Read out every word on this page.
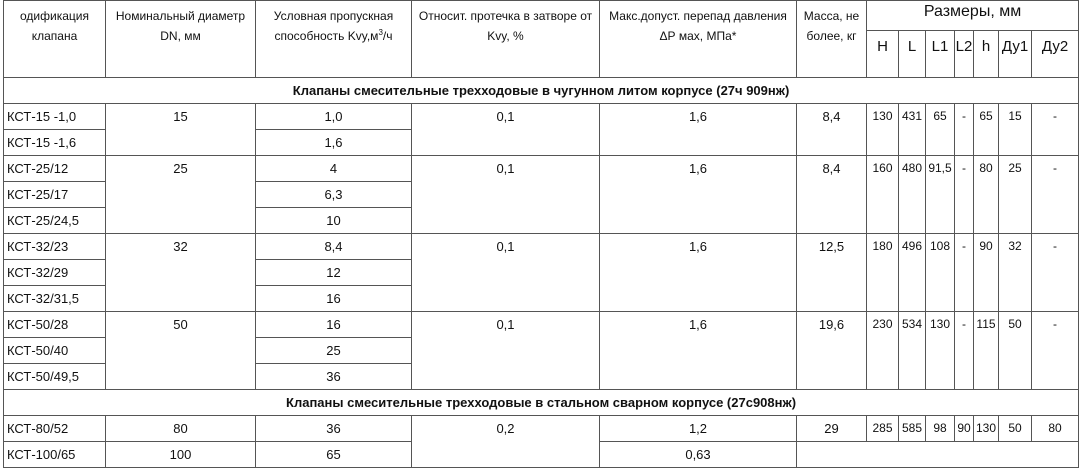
одификация клапана	Номинальный диаметр DN, мм	Условная пропускная способность $Kvy,м^3/ч$	Относит. протечка в затворе от Kvy, %	Макс.допуст. перепад давления ΔР мах, МПа*	Масса, не более, кг	Размеры, мм						
						H	L	L1	L2	h	Ду1	Ду2
Клапаны смесительные трехходовые в чугунном литом корпусе (27ч 909нж)												
КСТ-15 -1,0	15	1,0	0,1	1,6	8,4	130	431	65	-	65	15	-
КСТ-15 -1,6		1,6										
КСТ-25/12	25	4	0,1	1,6	8,4	160	480	91,5	-	80	25	-
КСТ-25/17		6,3										
КСТ-25/24,5		10										
КСТ-32/23	32	8,4	0,1	1,6	12,5	180	496	108	-	90	32	-
КСТ-32/29		12										
КСТ-32/31,5		16										
КСТ-50/28	50	16	0,1	1,6	19,6	230	534	130	-	115	50	-
КСТ-50/40		25										
КСТ-50/49,5		36										
Клапаны смесительные трехходовые в стальном сварном корпусе (27с908нж)												
КСТ-80/52	80	36	0,2	1,2	29	285	585	98	90	130	50	80
КСТ-100/65	100	65		0,63								
